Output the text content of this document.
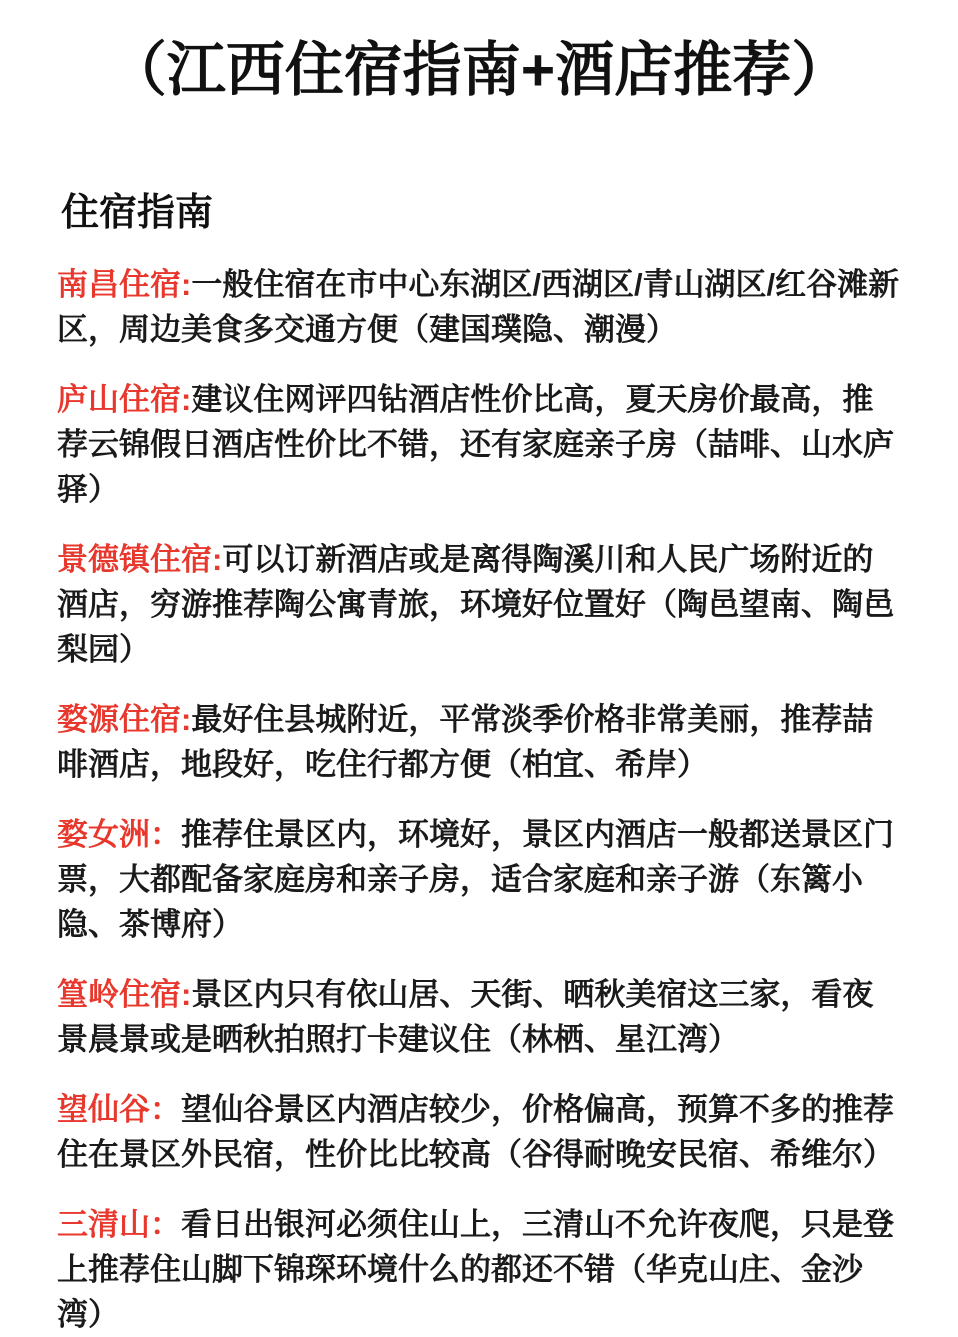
（江西住宿指南+酒店推荐）
住宿指南

南昌住宿:一般住宿在市中心东湖区/西湖区/青山湖区/红谷滩新区，周边美食多交通方便（建国璞隐、潮漫）

庐山住宿:建议住网评四钻酒店性价比高，夏天房价最高，推荐云锦假日酒店性价比不错，还有家庭亲子房（喆啡、山水庐驿）

景德镇住宿:可以订新酒店或是离得陶溪川和人民广场附近的酒店，穷游推荐陶公寓青旅，环境好位置好（陶邑望南、陶邑梨园）

婺源住宿:最好住县城附近，平常淡季价格非常美丽，推荐喆啡酒店，地段好，吃住行都方便（柏宜、希岸）

婺女洲：推荐住景区内，环境好，景区内酒店一般都送景区门票，大都配备家庭房和亲子房，适合家庭和亲子游（东篱小隐、茶博府）

篁岭住宿:景区内只有依山居、天街、晒秋美宿这三家，看夜景晨景或是晒秋拍照打卡建议住（林栖、星江湾）

望仙谷：望仙谷景区内酒店较少，价格偏高，预算不多的推荐住在景区外民宿，性价比比较高（谷得耐晚安民宿、希维尔）

三清山：看日出银河必须住山上，三清山不允许夜爬，只是登上推荐住山脚下锦琛环境什么的都还不错（华克山庄、金沙湾）
